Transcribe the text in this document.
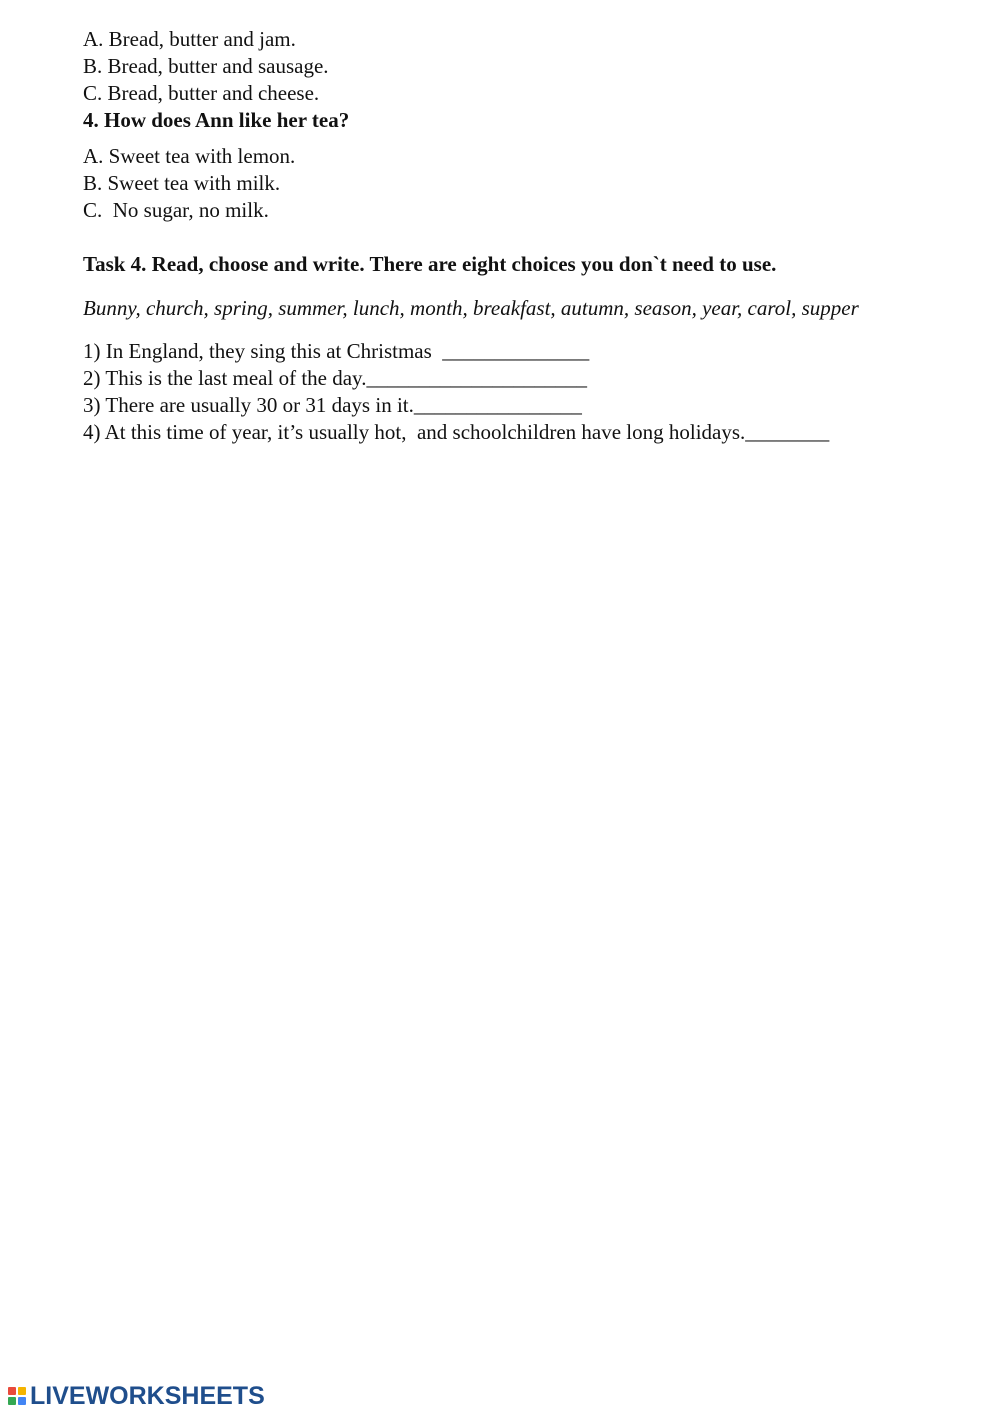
A. Bread, butter and jam.
B. Bread, butter and sausage.
C. Bread, butter and cheese.
4. How does Ann like her tea?
A. Sweet tea with lemon.
B. Sweet tea with milk.
C.  No sugar, no milk.
Task 4. Read, choose and write. There are eight choices you don`t need to use.
Bunny, church, spring, summer, lunch, month, breakfast, autumn, season, year, carol, supper
1) In England, they sing this at Christmas  ______________
2) This is the last meal of the day._____________________
3) There are usually 30 or 31 days in it.________________
4) At this time of year, it’s usually hot,  and schoolchildren have long holidays.________
LIVEWORKSHEETS
